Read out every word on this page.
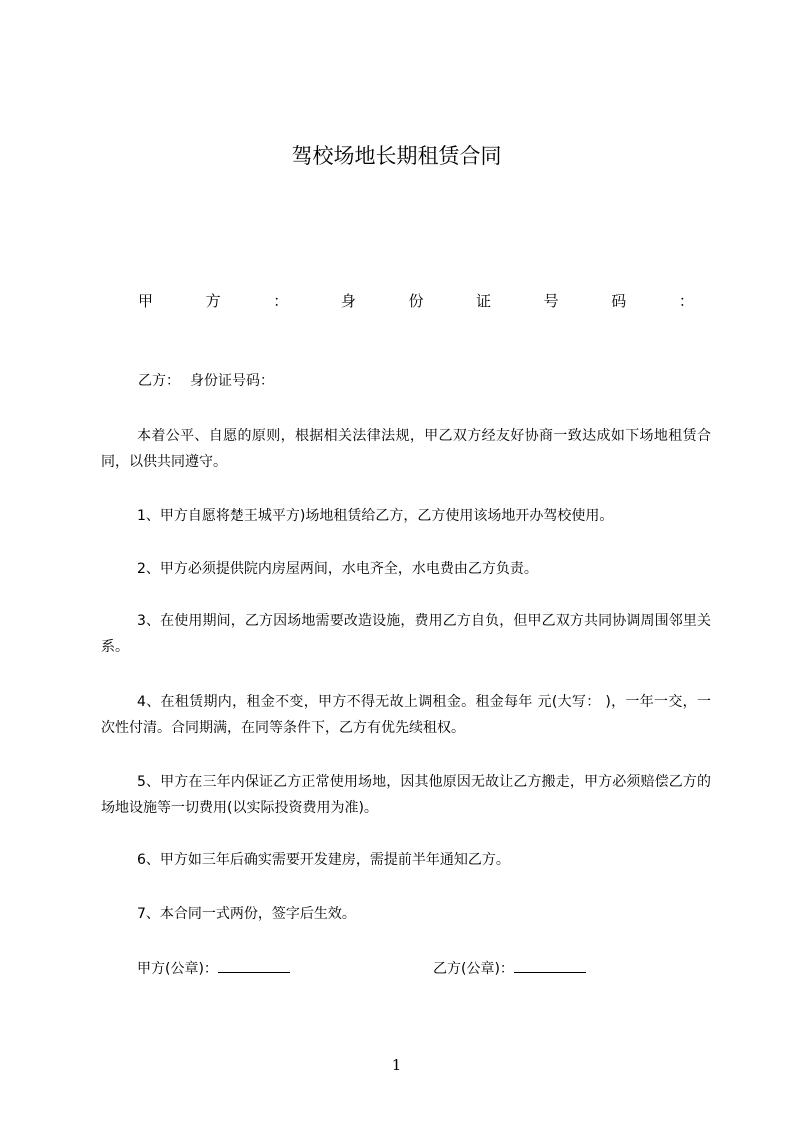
驾校场地长期租赁合同
甲	方	：	身	份	证	号	码	：
乙方： 身份证号码：

本着公平、自愿的原则，根据相关法律法规，甲乙双方经友好协商一致达成如下场地租赁合同，以供共同遵守。

1、甲方自愿将楚王城平方)场地租赁给乙方，乙方使用该场地开办驾校使用。

2、甲方必须提供院内房屋两间，水电齐全，水电费由乙方负责。

3、在使用期间，乙方因场地需要改造设施，费用乙方自负，但甲乙双方共同协调周围邻里关系。

4、在租赁期内，租金不变，甲方不得无故上调租金。租金每年 元(大写： )，一年一交，一次性付清。合同期满，在同等条件下，乙方有优先续租权。

5、甲方在三年内保证乙方正常使用场地，因其他原因无故让乙方搬走，甲方必须赔偿乙方的场地设施等一切费用(以实际投资费用为准)。

6、甲方如三年后确实需要开发建房，需提前半年通知乙方。

7、本合同一式两份，签字后生效。

甲方(公章)：	乙方(公章)：
1
